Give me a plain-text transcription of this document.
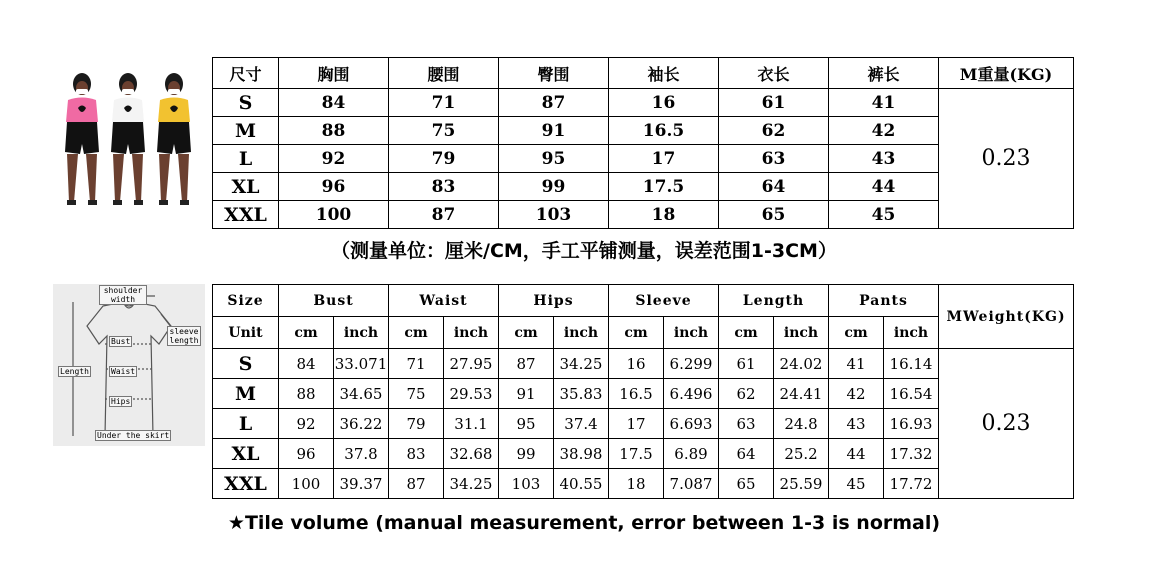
尺寸	胸围	腰围	臀围	袖长	衣长	裤长	M重量(KG)
S	84	71	87	16	61	41	0.23
M	88	75	91	16.5	62	42	
L	92	79	95	17	63	43	
XL	96	83	99	17.5	64	44	
XXL	100	87	103	18	65	45	
（测量单位：厘米/CM，手工平铺测量，误差范围1-3CM）
shoulder width
sleeve length
Bust
Length	Waist
Hips
Under the skirt
Size	Bust		Waist		Hips		Sleeve		Length		Pants		MWeight(KG)
Unit	cm	inch	cm	inch	cm	inch	cm	inch	cm	inch	cm	inch	
S	84	33.071	71	27.95	87	34.25	16	6.299	61	24.02	41	16.14	0.23
M	88	34.65	75	29.53	91	35.83	16.5	6.496	62	24.41	42	16.54	
L	92	36.22	79	31.1	95	37.4	17	6.693	63	24.8	43	16.93	
XL	96	37.8	83	32.68	99	38.98	17.5	6.89	64	25.2	44	17.32	
XXL	100	39.37	87	34.25	103	40.55	18	7.087	65	25.59	45	17.72	
★Tile volume (manual measurement, error between 1-3 is normal)
